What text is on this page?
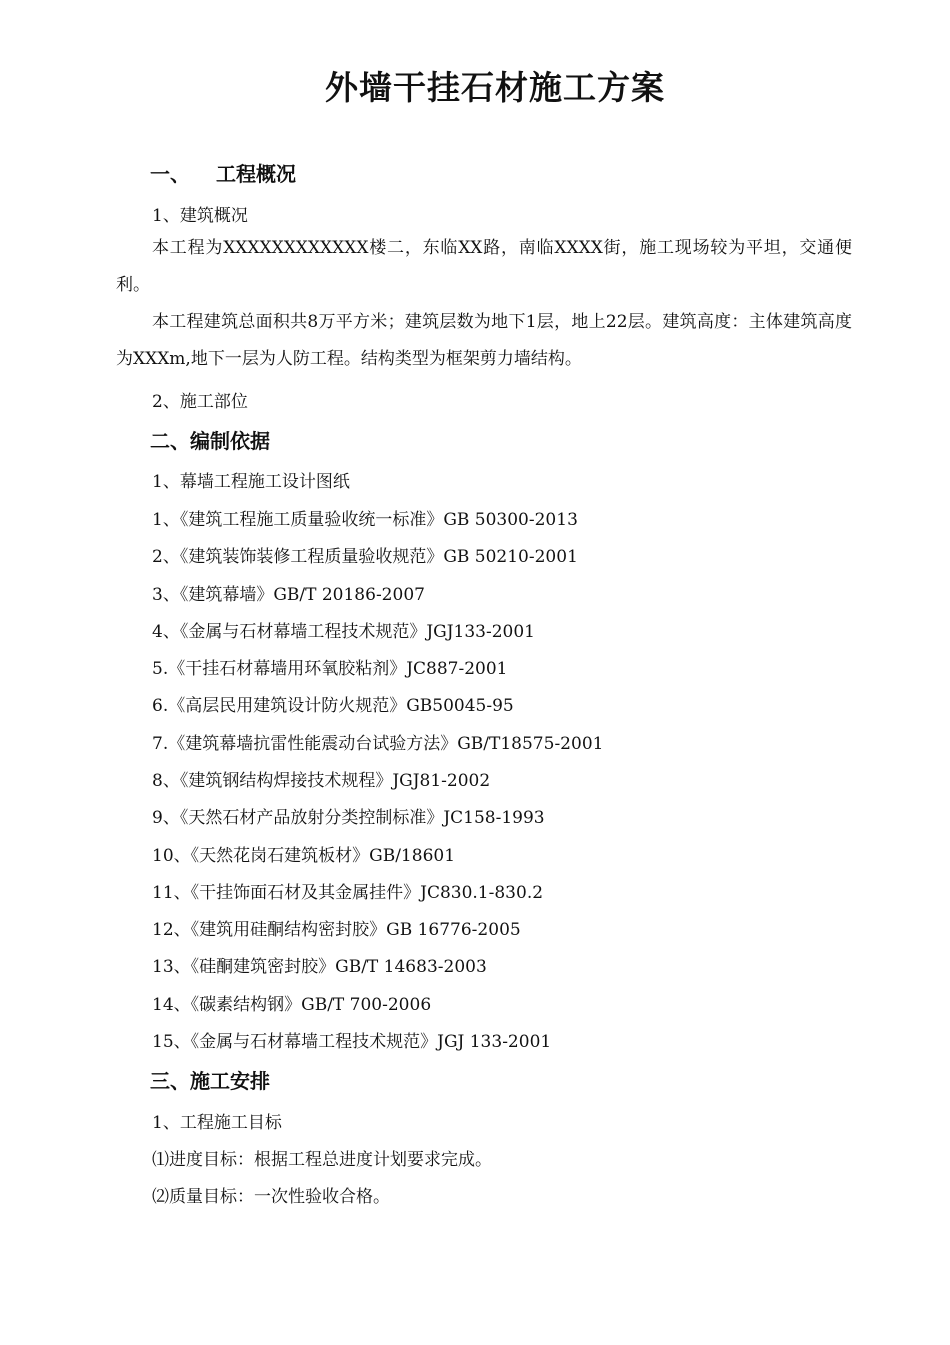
外墙干挂石材施工方案
一、 工程概况
1、建筑概况
本工程为XXXXXXXXXXXX楼二，东临XX路，南临XXXX街，施工现场较为平坦，交通便利。
本工程建筑总面积共8万平方米；建筑层数为地下1层，地上22层。建筑高度：主体建筑高度为XXXm,地下一层为人防工程。结构类型为框架剪力墙结构。
2、施工部位
二、编制依据
1、幕墙工程施工设计图纸
1、《建筑工程施工质量验收统一标准》GB 50300-2013
2、《建筑装饰装修工程质量验收规范》GB 50210-2001
3、《建筑幕墙》GB/T 20186-2007
4、《金属与石材幕墙工程技术规范》JGJ133-2001
5.《干挂石材幕墙用环氧胶粘剂》JC887-2001
6.《高层民用建筑设计防火规范》GB50045-95
7.《建筑幕墙抗雷性能震动台试验方法》GB/T18575-2001
8、《建筑钢结构焊接技术规程》JGJ81-2002
9、《天然石材产品放射分类控制标准》JC158-1993
10、《天然花岗石建筑板材》GB/18601
11、《干挂饰面石材及其金属挂件》JC830.1-830.2
12、《建筑用硅酮结构密封胶》GB 16776-2005
13、《硅酮建筑密封胶》GB/T 14683-2003
14、《碳素结构钢》GB/T 700-2006
15、《金属与石材幕墙工程技术规范》JGJ 133-2001
三、施工安排
1、工程施工目标
⑴进度目标：根据工程总进度计划要求完成。
⑵质量目标：一次性验收合格。
